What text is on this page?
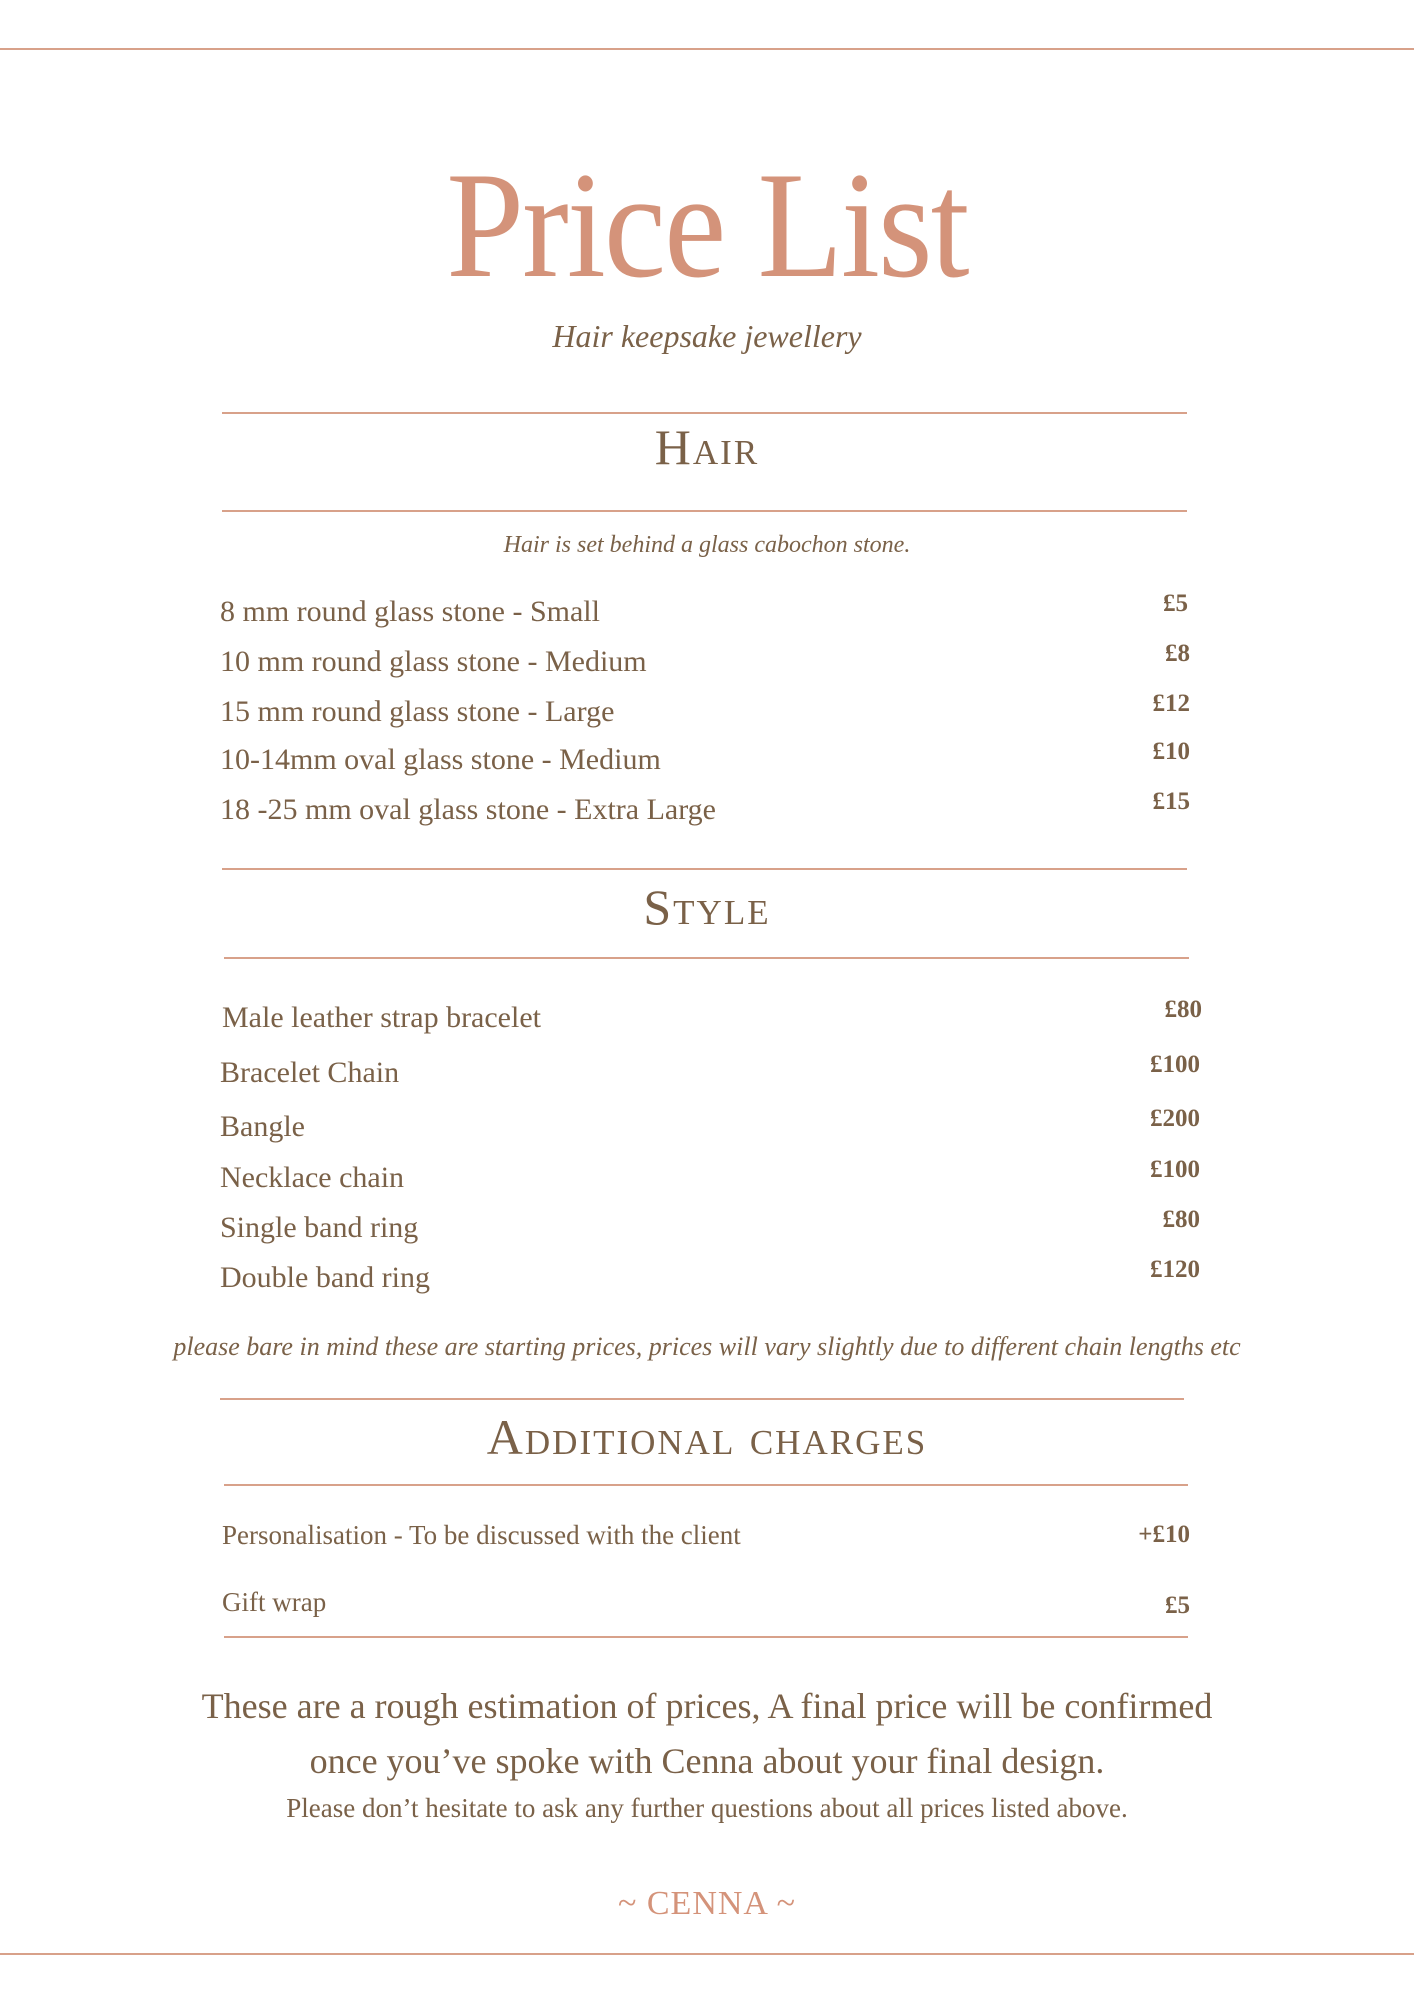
Price List
Hair keepsake jewellery
Hair
Hair is set behind a glass cabochon stone.
8 mm round glass stone - Small	£5
10 mm round glass stone - Medium	£8
15 mm round glass stone - Large	£12
10-14mm oval glass stone - Medium	£10
18 -25 mm oval glass stone - Extra Large	£15
Style
Male leather strap bracelet	£80
Bracelet Chain	£100
Bangle	£200
Necklace chain	£100
Single band ring	£80
Double band ring	£120
please bare in mind these are starting prices, prices will vary slightly due to different chain lengths etc
Additional charges
Personalisation - To be discussed with the client	+£10
Gift wrap	£5
These are a rough estimation of prices, A final price will be confirmed
once you’ve spoke with Cenna about your final design.
Please don’t hesitate to ask any further questions about all prices listed above.
~ CENNA ~
